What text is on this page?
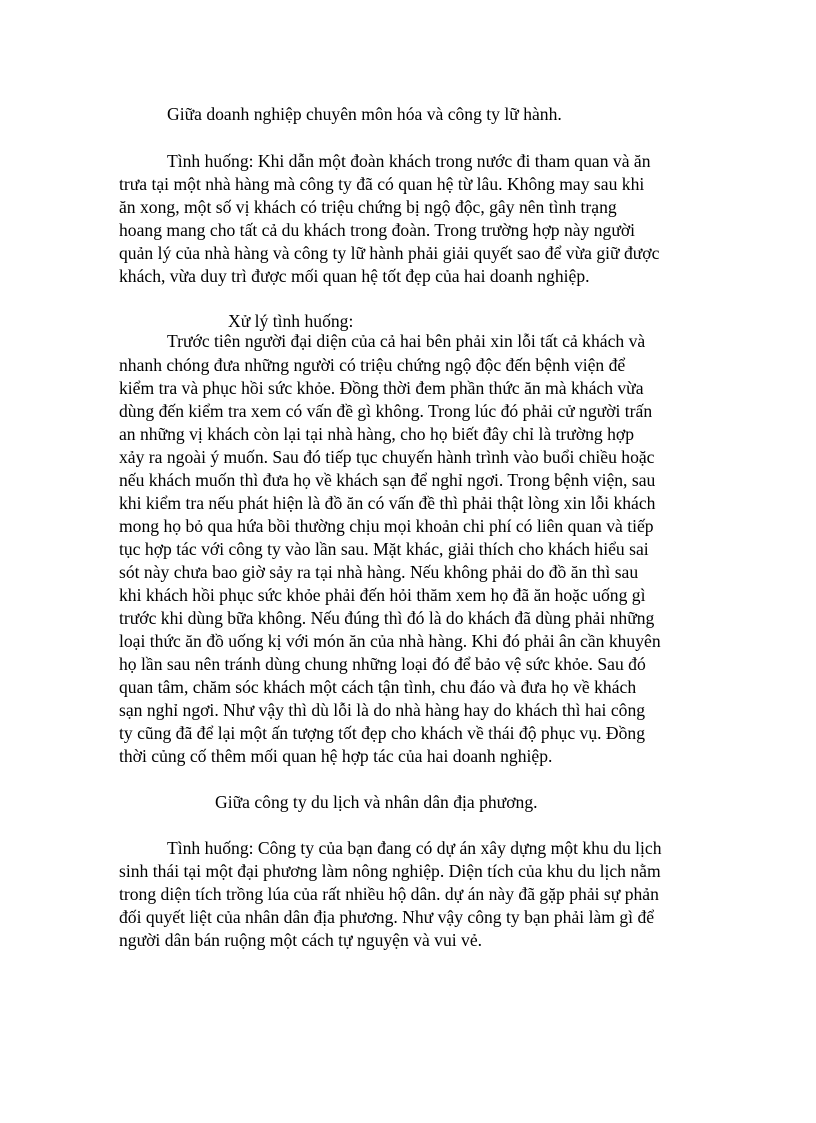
Giữa doanh nghiệp chuyên môn hóa và công ty lữ hành.
Tình huống: Khi dẫn một đoàn khách trong nước đi tham quan và ăn
trưa tại một nhà hàng mà công ty đã có quan hệ từ lâu. Không may sau khi
ăn xong, một số vị khách có triệu chứng bị ngộ độc, gây nên tình trạng
hoang mang cho tất cả du khách trong đoàn. Trong trường hợp này người
quản lý của nhà hàng và công ty lữ hành phải giải quyết sao để vừa giữ được
khách, vừa duy trì được mối quan hệ tốt đẹp của hai doanh nghiệp.
Xử lý tình huống:
Trước tiên người đại diện của cả hai bên phải xin lỗi tất cả khách và
nhanh chóng đưa những người có triệu chứng ngộ độc đến bệnh viện để
kiểm tra và phục hồi sức khỏe. Đồng thời đem phần thức ăn mà khách vừa
dùng đến kiểm tra xem có vấn đề gì không. Trong lúc đó phải cử người trấn
an những vị khách còn lại tại nhà hàng, cho họ biết đây chỉ là trường hợp
xảy ra ngoài ý muốn. Sau đó tiếp tục chuyến hành trình vào buổi chiều hoặc
nếu khách muốn thì đưa họ về khách sạn để nghỉ ngơi. Trong bệnh viện, sau
khi kiểm tra nếu phát hiện là đồ ăn có vấn đề thì phải thật lòng xin lỗi khách
mong họ bỏ qua hứa bồi thường chịu mọi khoản chi phí có liên quan và tiếp
tục hợp tác với công ty vào lần sau. Mặt khác, giải thích cho khách hiểu sai
sót này chưa bao giờ sảy ra tại nhà hàng. Nếu không phải do đồ ăn thì sau
khi khách hồi phục sức khỏe phải đến hỏi thăm xem họ đã ăn hoặc uống gì
trước khi dùng bữa không. Nếu đúng thì đó là do khách đã dùng phải những
loại thức ăn đồ uống kị với món ăn của nhà hàng. Khi đó phải ân cần khuyên
họ lần sau nên tránh dùng chung những loại đó để bảo vệ sức khỏe. Sau đó
quan tâm, chăm sóc khách một cách tận tình, chu đáo và đưa họ về khách
sạn nghỉ ngơi. Như vậy thì dù lỗi là do nhà hàng hay do khách thì hai công
ty cũng đã để lại một ấn tượng tốt đẹp cho khách về thái độ phục vụ. Đồng
thời củng cố thêm mối quan hệ hợp tác của hai doanh nghiệp.
Giữa công ty du lịch và nhân dân địa phương.
Tình huống: Công ty của bạn đang có dự án xây dựng một khu du lịch
sinh thái tại một đại phương làm nông nghiệp. Diện tích của khu du lịch nằm
trong diện tích trồng lúa của rất nhiều hộ dân. dự án này đã gặp phải sự phản
đối quyết liệt của nhân dân địa phương. Như vậy công ty bạn phải làm gì để
người dân bán ruộng một cách tự nguyện và vui vẻ.
